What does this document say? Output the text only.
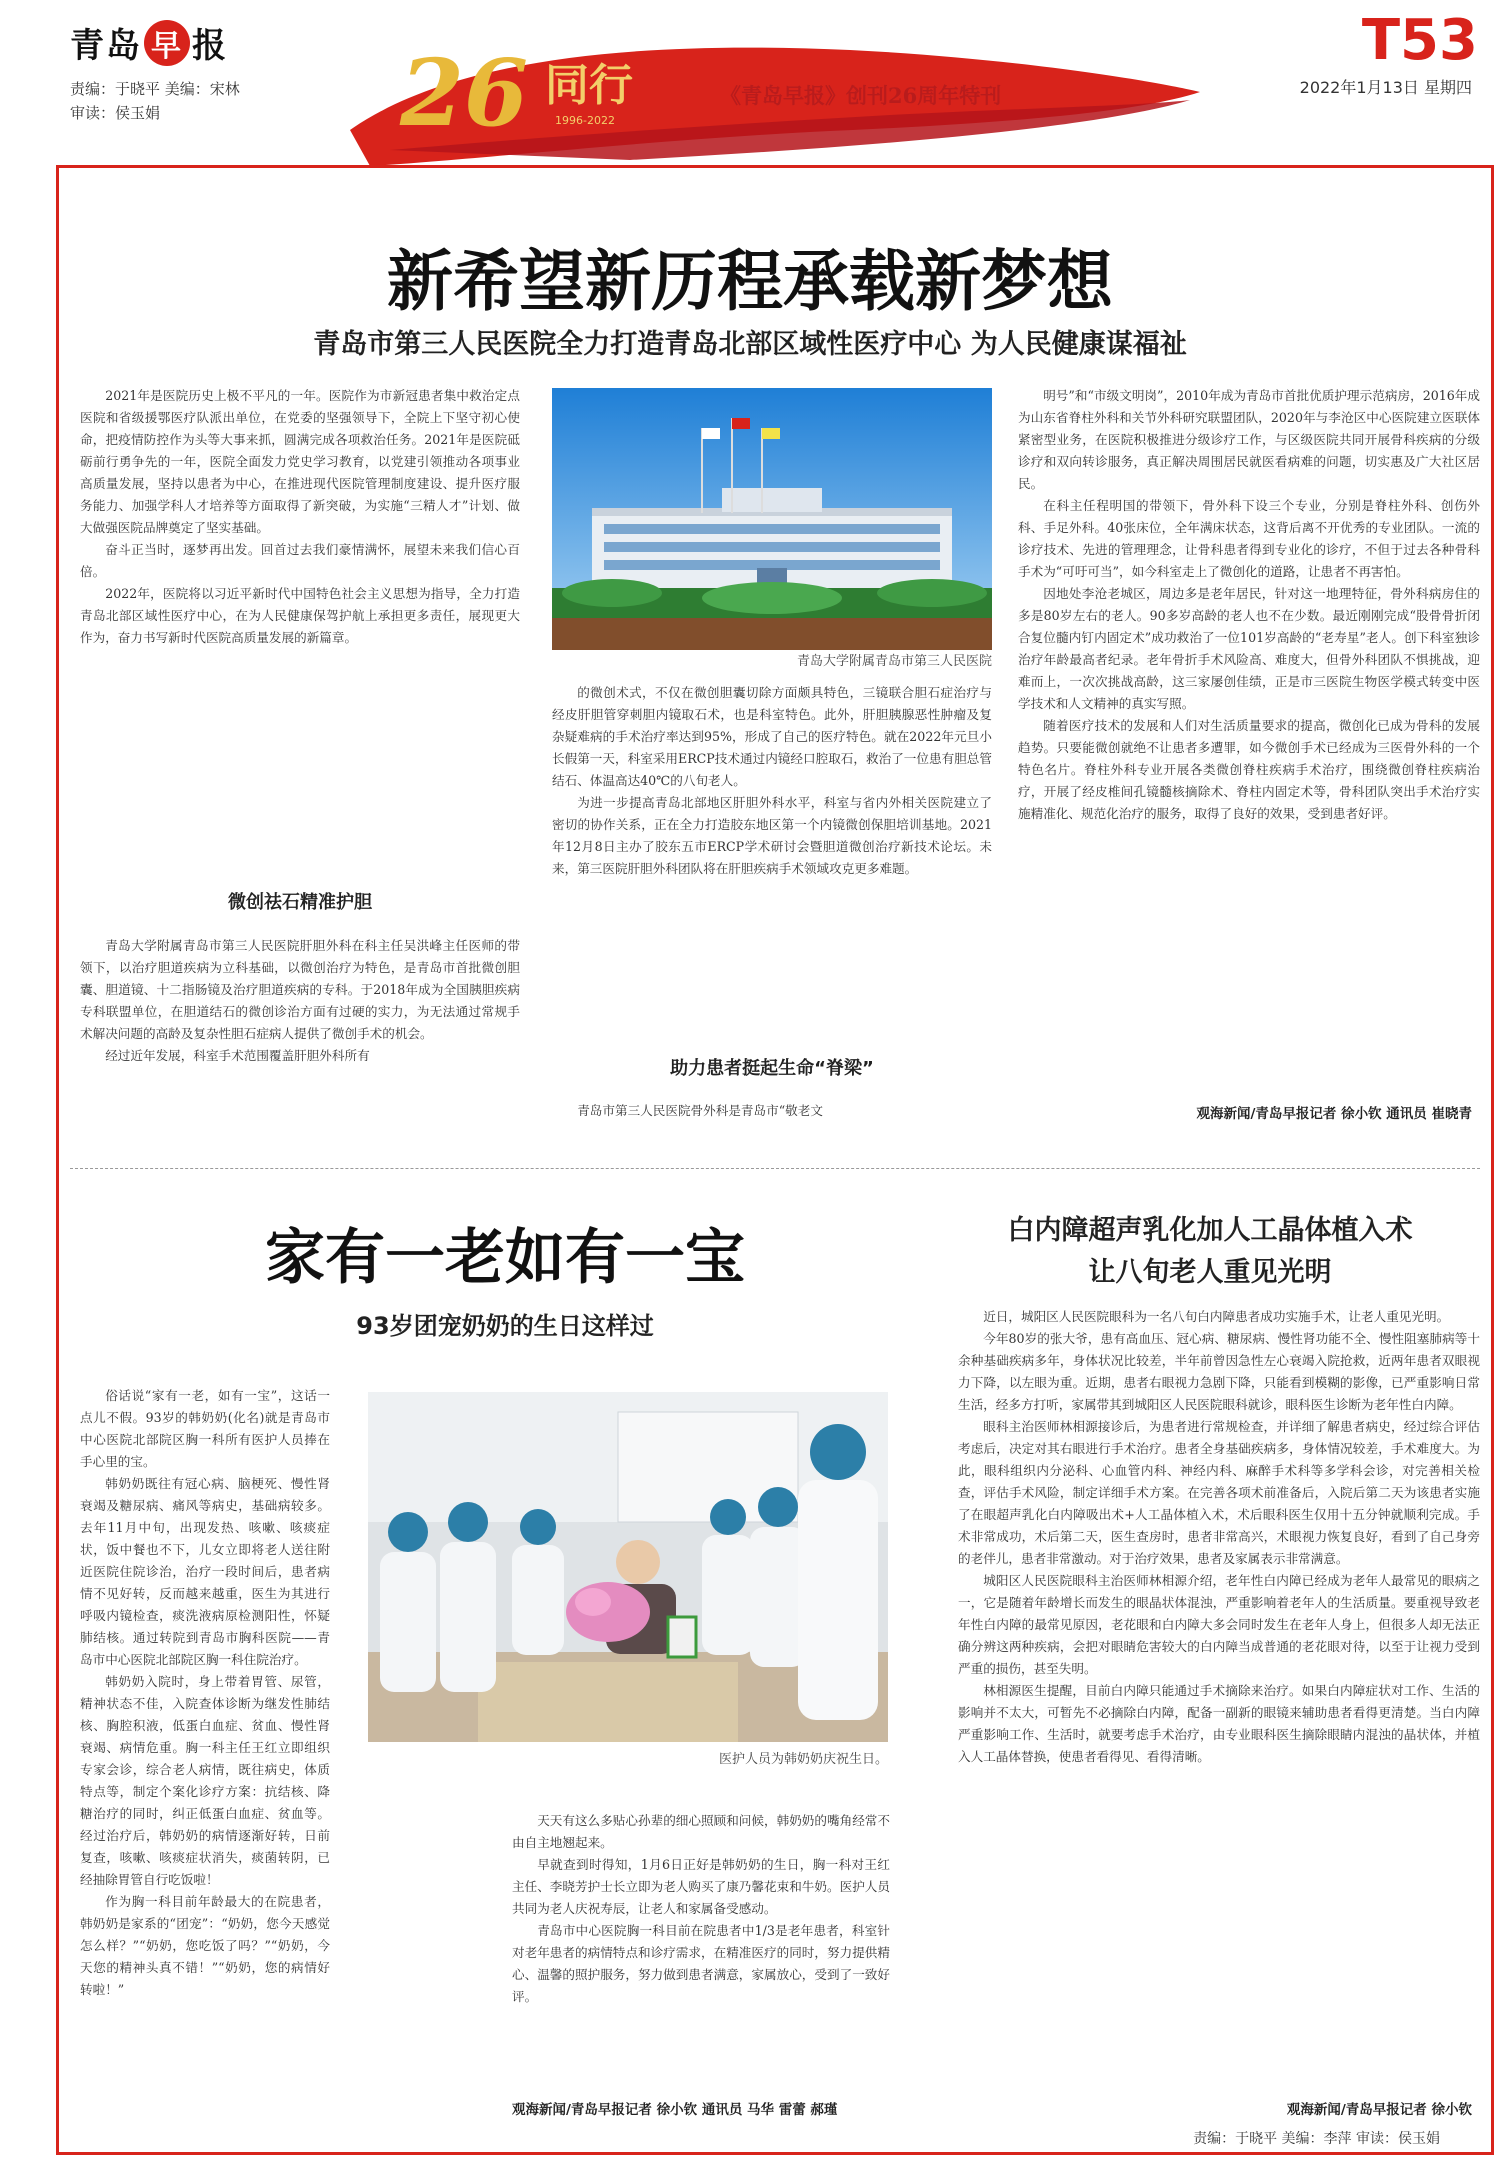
青岛 早 报
责编：于晓平 美编：宋林
审读：侯玉娟	26 同行
1996-2022
《青岛早报》创刊26周年特刊
T53
2022年1月13日 星期四
新希望新历程承载新梦想
青岛市第三人民医院全力打造青岛北部区域性医疗中心 为人民健康谋福祉

2021年是医院历史上极不平凡的一年。医院作为市新冠患者集中救治定点医院和省级援鄂医疗队派出单位，在党委的坚强领导下，全院上下坚守初心使命，把疫情防控作为头等大事来抓，圆满完成各项救治任务。2021年是医院砥砺前行勇争先的一年，医院全面发力党史学习教育，以党建引领推动各项事业高质量发展，坚持以患者为中心，在推进现代医院管理制度建设、提升医疗服务能力、加强学科人才培养等方面取得了新突破，为实施“三精人才”计划、做大做强医院品牌奠定了坚实基础。

奋斗正当时，逐梦再出发。回首过去我们豪情满怀，展望未来我们信心百倍。

2022年，医院将以习近平新时代中国特色社会主义思想为指导，全力打造青岛北部区域性医疗中心，在为人民健康保驾护航上承担更多责任，展现更大作为，奋力书写新时代医院高质量发展的新篇章。

微创祛石精准护胆

青岛大学附属青岛市第三人民医院肝胆外科在科主任吴洪峰主任医师的带领下，以治疗胆道疾病为立科基础，以微创治疗为特色，是青岛市首批微创胆囊、胆道镜、十二指肠镜及治疗胆道疾病的专科。于2018年成为全国胰胆疾病专科联盟单位，在胆道结石的微创诊治方面有过硬的实力，为无法通过常规手术解决问题的高龄及复杂性胆石症病人提供了微创手术的机会。

经过近年发展，科室手术范围覆盖肝胆外科所有

青岛大学附属青岛市第三人民医院

的微创术式，不仅在微创胆囊切除方面颇具特色，三镜联合胆石症治疗与经皮肝胆管穿刺胆内镜取石术，也是科室特色。此外，肝胆胰腺恶性肿瘤及复杂疑难病的手术治疗率达到95%，形成了自己的医疗特色。就在2022年元旦小长假第一天，科室采用ERCP技术通过内镜经口腔取石，救治了一位患有胆总管结石、体温高达40℃的八旬老人。

为进一步提高青岛北部地区肝胆外科水平，科室与省内外相关医院建立了密切的协作关系，正在全力打造胶东地区第一个内镜微创保胆培训基地。2021年12月8日主办了胶东五市ERCP学术研讨会暨胆道微创治疗新技术论坛。未来，第三医院肝胆外科团队将在肝胆疾病手术领域攻克更多难题。

助力患者挺起生命“脊梁”

青岛市第三人民医院骨外科是青岛市“敬老文

明号”和“市级文明岗”，2010年成为青岛市首批优质护理示范病房，2016年成为山东省脊柱外科和关节外科研究联盟团队，2020年与李沧区中心医院建立医联体紧密型业务，在医院积极推进分级诊疗工作，与区级医院共同开展骨科疾病的分级诊疗和双向转诊服务，真正解决周围居民就医看病难的问题，切实惠及广大社区居民。

在科主任程明国的带领下，骨外科下设三个专业，分别是脊柱外科、创伤外科、手足外科。40张床位，全年满床状态，这背后离不开优秀的专业团队。一流的诊疗技术、先进的管理理念，让骨科患者得到专业化的诊疗，不但于过去各种骨科手术为“可吁可当”，如今科室走上了微创化的道路，让患者不再害怕。

因地处李沧老城区，周边多是老年居民，针对这一地理特征，骨外科病房住的多是80岁左右的老人。90多岁高龄的老人也不在少数。最近刚刚完成“股骨骨折闭合复位髓内钉内固定术”成功救治了一位101岁高龄的“老寿星”老人。创下科室独诊治疗年龄最高者纪录。老年骨折手术风险高、难度大，但骨外科团队不惧挑战，迎难而上，一次次挑战高龄，这三家屡创佳绩，正是市三医院生物医学模式转变中医学技术和人文精神的真实写照。

随着医疗技术的发展和人们对生活质量要求的提高，微创化已成为骨科的发展趋势。只要能微创就绝不让患者多遭罪，如今微创手术已经成为三医骨外科的一个特色名片。脊柱外科专业开展各类微创脊柱疾病手术治疗，围绕微创脊柱疾病治疗，开展了经皮椎间孔镜髓核摘除术、脊柱内固定术等，骨科团队突出手术治疗实施精准化、规范化治疗的服务，取得了良好的效果，受到患者好评。

观海新闻/青岛早报记者 徐小钦 通讯员 崔晓青
家有一老如有一宝
93岁团宠奶奶的生日这样过

俗话说“家有一老，如有一宝”，这话一点儿不假。93岁的韩奶奶(化名)就是青岛市中心医院北部院区胸一科所有医护人员捧在手心里的宝。

韩奶奶既往有冠心病、脑梗死、慢性肾衰竭及糖尿病、痛风等病史，基础病较多。去年11月中旬，出现发热、咳嗽、咳痰症状，饭中餐也不下，儿女立即将老人送往附近医院住院诊治，治疗一段时间后，患者病情不见好转，反而越来越重，医生为其进行呼吸内镜检查，痰洗液病原检测阳性，怀疑肺结核。通过转院到青岛市胸科医院——青岛市中心医院北部院区胸一科住院治疗。

韩奶奶入院时，身上带着胃管、尿管，精神状态不佳，入院查体诊断为继发性肺结核、胸腔积液，低蛋白血症、贫血、慢性肾衰竭、病情危重。胸一科主任王红立即组织专家会诊，综合老人病情，既往病史，体质特点等，制定个案化诊疗方案：抗结核、降糖治疗的同时，纠正低蛋白血症、贫血等。经过治疗后，韩奶奶的病情逐渐好转，日前复查，咳嗽、咳痰症状消失，痰菌转阴，已经抽除胃管自行吃饭啦！

作为胸一科目前年龄最大的在院患者，韩奶奶是家系的“团宠”：“奶奶，您今天感觉怎么样？”“奶奶，您吃饭了吗？”“奶奶，今天您的精神头真不错！”“奶奶，您的病情好转啦！”

医护人员为韩奶奶庆祝生日。

天天有这么多贴心孙辈的细心照顾和问候，韩奶奶的嘴角经常不由自主地翘起来。

早就查到时得知，1月6日正好是韩奶奶的生日，胸一科对王红主任、李晓芳护士长立即为老人购买了康乃馨花束和牛奶。医护人员共同为老人庆祝寿辰，让老人和家属备受感动。

青岛市中心医院胸一科目前在院患者中1/3是老年患者，科室针对老年患者的病情特点和诊疗需求，在精准医疗的同时，努力提供精心、温馨的照护服务，努力做到患者满意，家属放心，受到了一致好评。

观海新闻/青岛早报记者 徐小钦 通讯员 马华 雷蕾 郝瑾
白内障超声乳化加人工晶体植入术
让八旬老人重见光明

近日，城阳区人民医院眼科为一名八旬白内障患者成功实施手术，让老人重见光明。

今年80岁的张大爷，患有高血压、冠心病、糖尿病、慢性肾功能不全、慢性阻塞肺病等十余种基础疾病多年，身体状况比较差，半年前曾因急性左心衰竭入院抢救，近两年患者双眼视力下降，以左眼为重。近期，患者右眼视力急剧下降，只能看到模糊的影像，已严重影响日常生活，经多方打听，家属带其到城阳区人民医院眼科就诊，眼科医生诊断为老年性白内障。

眼科主治医师林相源接诊后，为患者进行常规检查，并详细了解患者病史，经过综合评估考虑后，决定对其右眼进行手术治疗。患者全身基础疾病多，身体情况较差，手术难度大。为此，眼科组织内分泌科、心血管内科、神经内科、麻醉手术科等多学科会诊，对完善相关检查，评估手术风险，制定详细手术方案。在完善各项术前准备后，入院后第二天为该患者实施了在眼超声乳化白内障吸出术+人工晶体植入术，术后眼科医生仅用十五分钟就顺利完成。手术非常成功，术后第二天，医生查房时，患者非常高兴，术眼视力恢复良好，看到了自己身旁的老伴儿，患者非常激动。对于治疗效果，患者及家属表示非常满意。

城阳区人民医院眼科主治医师林相源介绍，老年性白内障已经成为老年人最常见的眼病之一，它是随着年龄增长而发生的眼晶状体混浊，严重影响着老年人的生活质量。要重视导致老年性白内障的最常见原因，老花眼和白内障大多会同时发生在老年人身上，但很多人却无法正确分辨这两种疾病，会把对眼睛危害较大的白内障当成普通的老花眼对待，以至于让视力受到严重的损伤，甚至失明。

林相源医生提醒，目前白内障只能通过手术摘除来治疗。如果白内障症状对工作、生活的影响并不太大，可暂先不必摘除白内障，配备一副新的眼镜来辅助患者看得更清楚。当白内障严重影响工作、生活时，就要考虑手术治疗，由专业眼科医生摘除眼睛内混浊的晶状体，并植入人工晶体替换，使患者看得见、看得清晰。

观海新闻/青岛早报记者 徐小钦
责编：于晓平 美编：李萍 审读：侯玉娟
